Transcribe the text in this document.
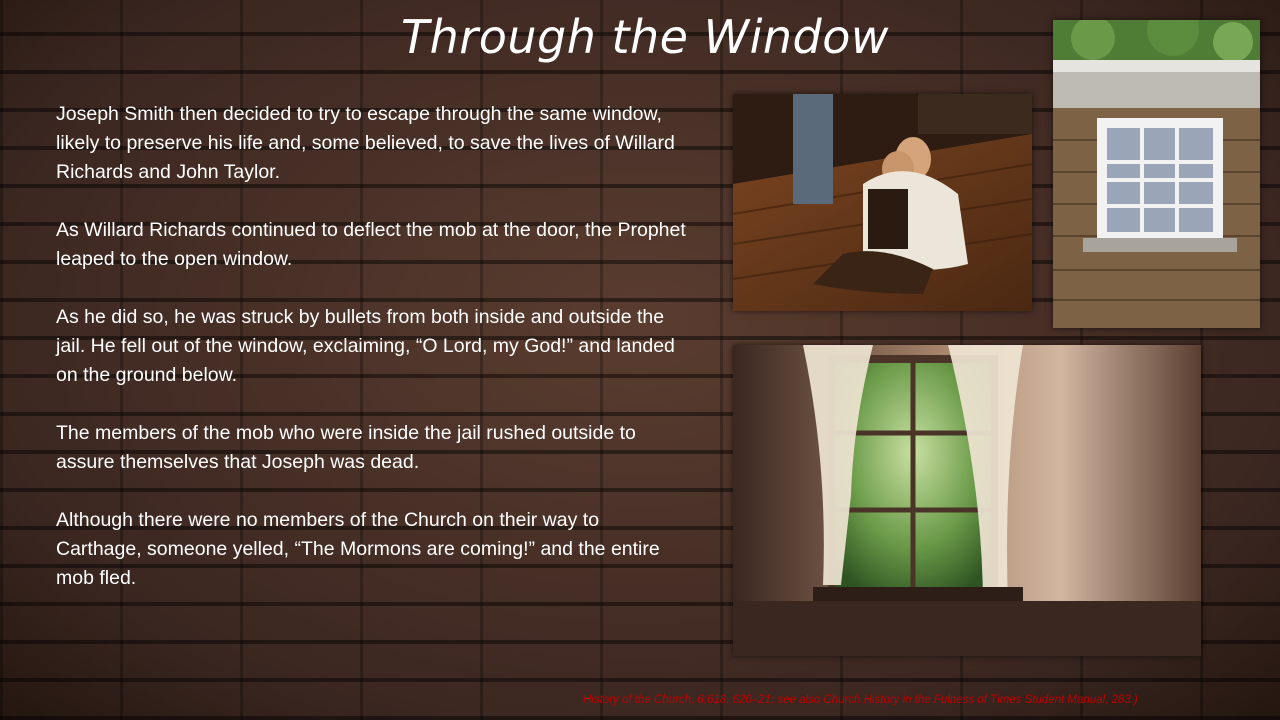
Through the Window

Joseph Smith then decided to try to escape through the same window, likely to preserve his life and, some believed, to save the lives of Willard Richards and John Taylor.

As Willard Richards continued to deflect the mob at the door, the Prophet leaped to the open window.

As he did so, he was struck by bullets from both inside and outside the jail. He fell out of the window, exclaiming, “O Lord, my God!” and landed on the ground below.

The members of the mob who were inside the jail rushed outside to assure themselves that Joseph was dead.

Although there were no members of the Church on their way to Carthage, someone yelled, “The Mormons are coming!” and the entire mob fled.

History of the Church, 6:618, 620–21; see also Church History in the Fulness of Times Student Manual, 283.)
